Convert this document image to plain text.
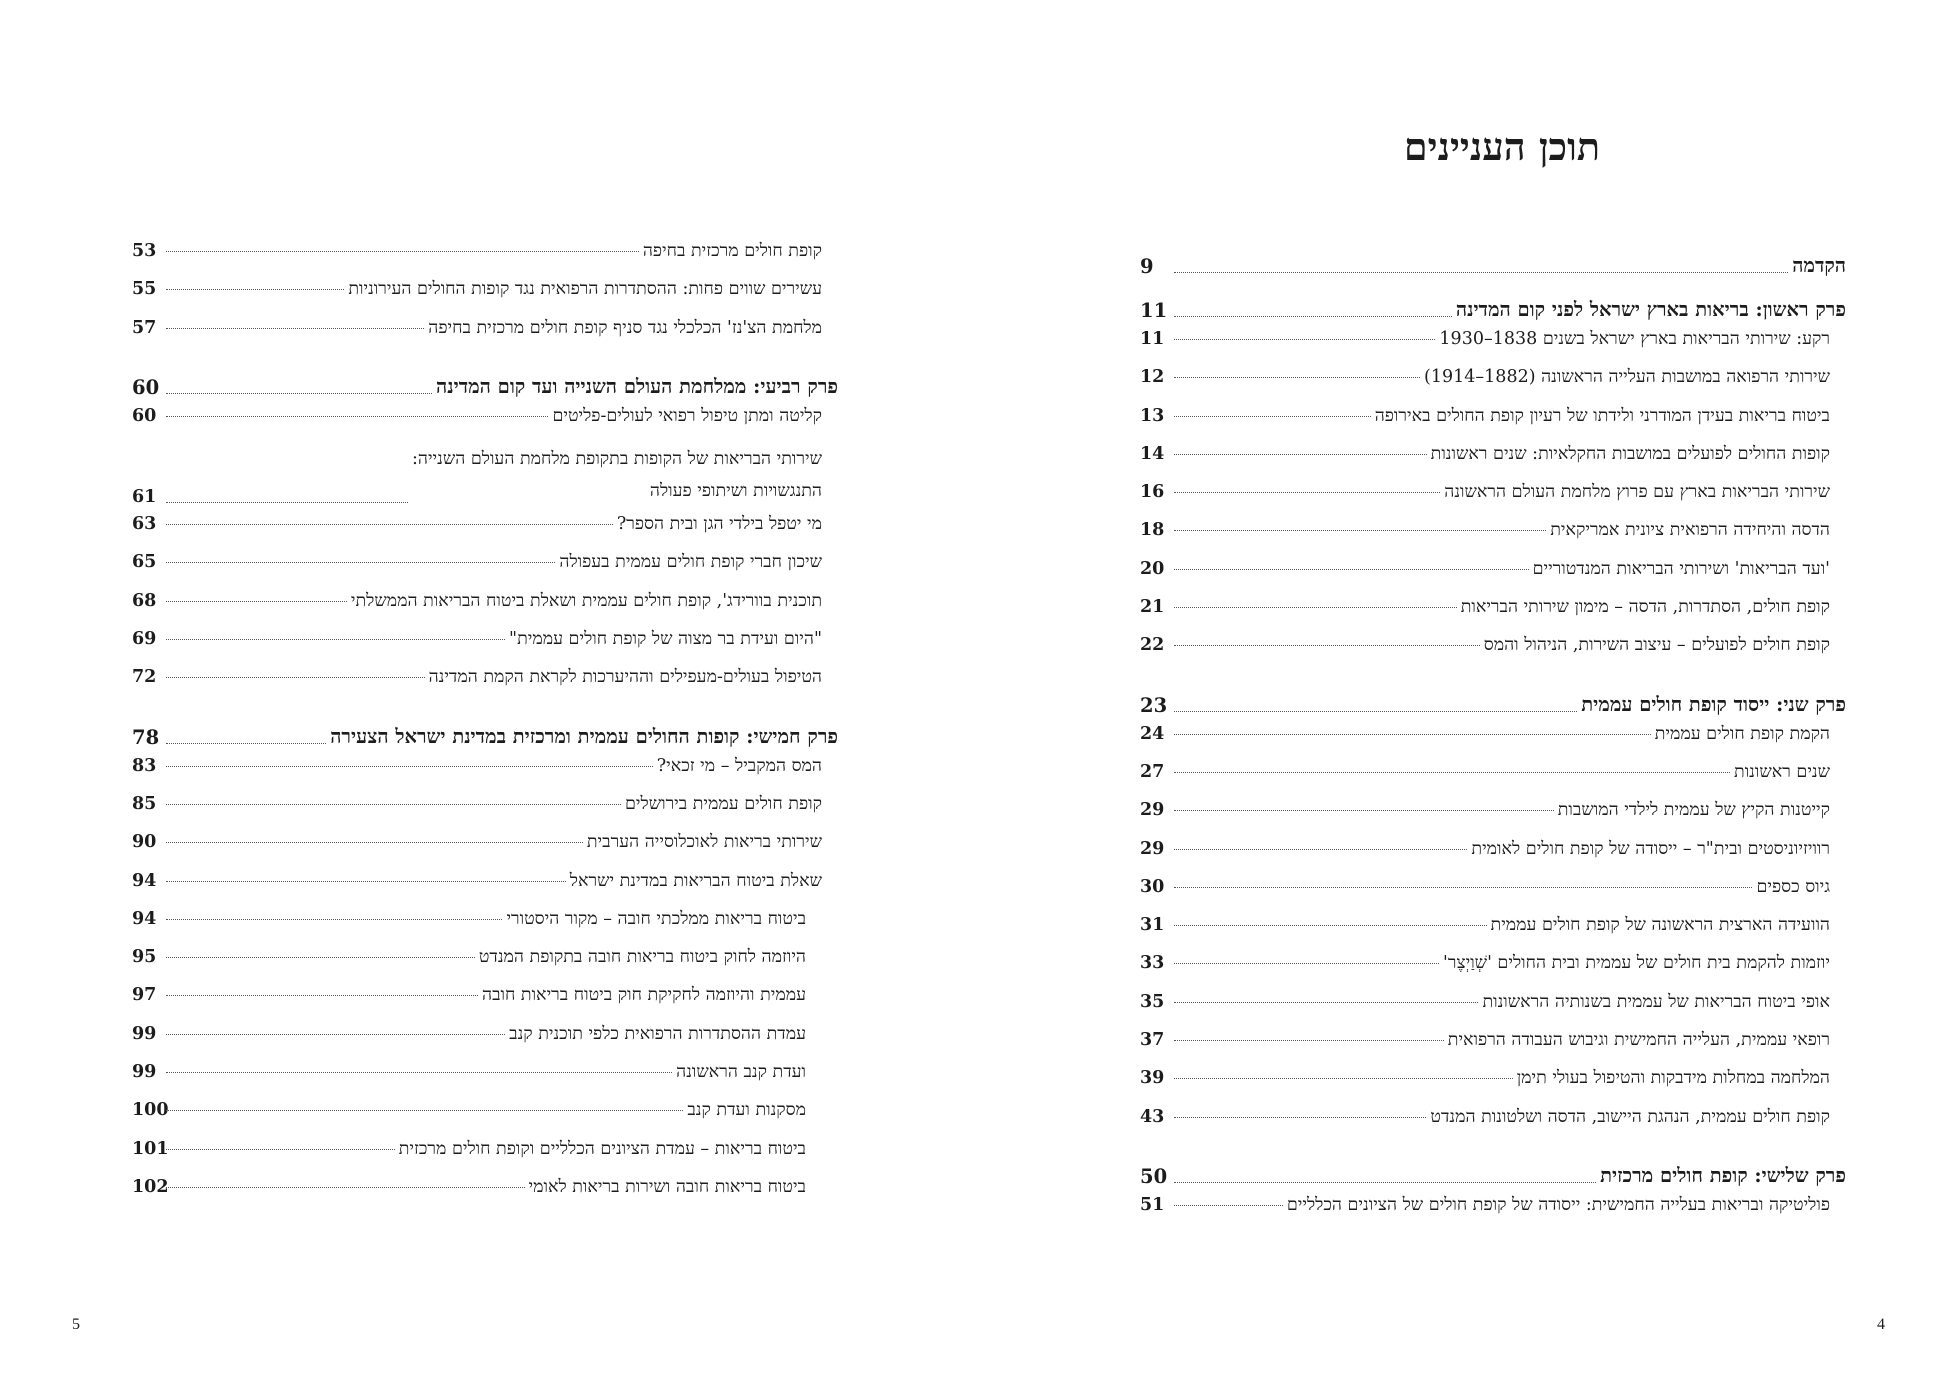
תוכן העניינים
הקדמה
9
פרק ראשון: בריאות בארץ ישראל לפני קום המדינה
11
רקע: שירותי הבריאות בארץ ישראל בשנים 1838–1930
11
שירותי הרפואה במושבות העלייה הראשונה (1882–1914)
12
ביטוח בריאות בעידן המודרני ולידתו של רעיון קופת החולים באירופה
13
קופות החולים לפועלים במושבות החקלאיות: שנים ראשונות
14
שירותי הבריאות בארץ עם פרוץ מלחמת העולם הראשונה
16
הדסה והיחידה הרפואית ציונית אמריקאית
18
'ועד הבריאות' ושירותי הבריאות המנדטוריים
20
קופת חולים, הסתדרות, הדסה – מימון שירותי הבריאות
21
קופת חולים לפועלים – עיצוב השירות, הניהול והמס
22
פרק שני: ייסוד קופת חולים עממית
23
הקמת קופת חולים עממית
24
שנים ראשונות
27
קייטנות הקיץ של עממית לילדי המושבות
29
רוויזיוניסטים ובית"ר – ייסודה של קופת חולים לאומית
29
גיוס כספים
30
הוועידה הארצית הראשונה של קופת חולים עממית
31
יוזמות להקמת בית חולים של עממית ובית החולים 'שְׁוַיְצֶר'
33
אופי ביטוח הבריאות של עממית בשנותיה הראשונות
35
רופאי עממית, העלייה החמישית וגיבוש העבודה הרפואית
37
המלחמה במחלות מידבקות והטיפול בעולי תימן
39
קופת חולים עממית, הנהגת היישוב, הדסה ושלטונות המנדט
43
פרק שלישי: קופת חולים מרכזית
50
פוליטיקה ובריאות בעלייה החמישית: ייסודה של קופת חולים של הציונים הכלליים
51
קופת חולים מרכזית בחיפה
53
עשירים שווים פחות: ההסתדרות הרפואית נגד קופות החולים העירוניות
55
מלחמת הצ'נז' הכלכלי נגד סניף קופת חולים מרכזית בחיפה
57
פרק רביעי: ממלחמת העולם השנייה ועד קום המדינה
60
קליטה ומתן טיפול רפואי לעולים-פליטים
60
שירותי הבריאות של הקופות בתקופת מלחמת העולם השנייה:
התנגשויות ושיתופי פעולה
61
מי יטפל בילדי הגן ובית הספר?
63
שיכון חברי קופת חולים עממית בעפולה
65
תוכנית בוורידג', קופת חולים עממית ושאלת ביטוח הבריאות הממשלתי
68
"היום ועידת בר מצוה של קופת חולים עממית"
69
הטיפול בעולים-מעפילים וההיערכות לקראת הקמת המדינה
72
פרק חמישי: קופות החולים עממית ומרכזית במדינת ישראל הצעירה
78
המס המקביל – מי זכאי?
83
קופת חולים עממית בירושלים
85
שירותי בריאות לאוכלוסייה הערבית
90
שאלת ביטוח הבריאות במדינת ישראל
94
ביטוח בריאות ממלכתי חובה – מקור היסטורי
94
היוזמה לחוק ביטוח בריאות חובה בתקופת המנדט
95
עממית והיוזמה לחקיקת חוק ביטוח בריאות חובה
97
עמדת ההסתדרות הרפואית כלפי תוכנית קנב
99
ועדת קנב הראשונה
99
מסקנות ועדת קנב
100
ביטוח בריאות – עמדת הציונים הכלליים וקופת חולים מרכזית
101
ביטוח בריאות חובה ושירות בריאות לאומי
102
4
5
